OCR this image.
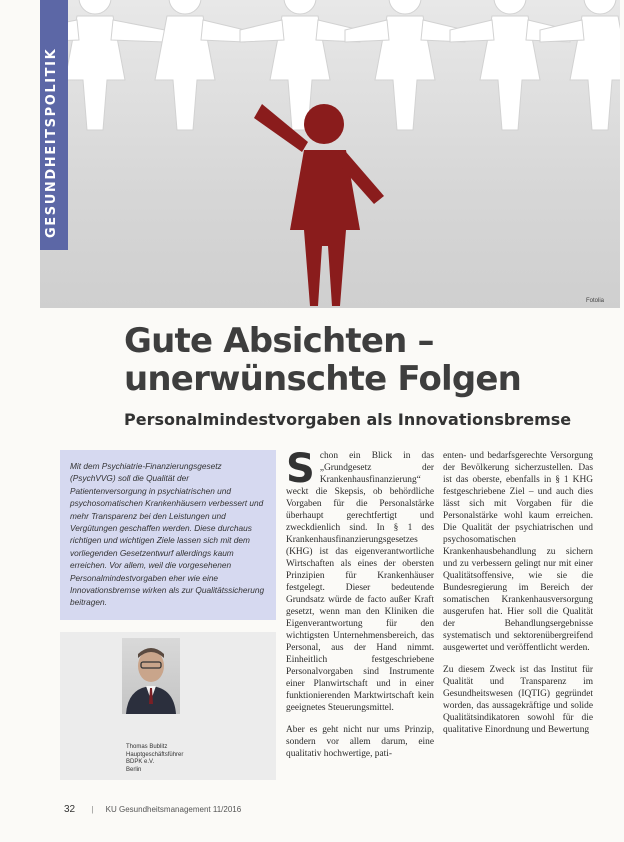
Fotolia
GESUNDHEITSPOLITIK
Gute Absichten –
unerwünschte Folgen
Personalmindestvorgaben als Innovationsbremse

Mit dem Psychiatrie-Finanzierungsgesetz (PsychVVG) soll die Qualität der Patientenversorgung in psychiatrischen und psychosomatischen Krankenhäusern verbessert und mehr Transparenz bei den Leistungen und Vergütungen geschaffen werden. Diese durchaus richtigen und wichtigen Ziele lassen sich mit dem vorliegenden Gesetzentwurf allerdings kaum erreichen. Vor allem, weil die vorgesehenen Personalmindestvorgaben eher wie eine Innovationsbremse wirken als zur Qualitätssicherung beitragen.

Thomas Bublitz
Hauptgeschäftsführer
BDPK e.V.
Berlin

Schon ein Blick in das „Grundgesetz der Krankenhausfinanzierung“ weckt die Skepsis, ob behördliche Vorgaben für die Personalstärke überhaupt gerechtfertigt und zweckdienlich sind. In § 1 des Krankenhausfinanzierungsgesetzes (KHG) ist das eigenverantwortliche Wirtschaften als eines der obersten Prinzipien für Krankenhäuser festgelegt. Dieser bedeutende Grundsatz würde de facto außer Kraft gesetzt, wenn man den Kliniken die Eigenverantwortung für den wichtigsten Unternehmensbereich, das Personal, aus der Hand nimmt. Einheitlich festgeschriebene Personalvorgaben sind Instrumente einer Planwirtschaft und in einer funktionierenden Marktwirtschaft kein geeignetes Steuerungsmittel.

Aber es geht nicht nur ums Prinzip, sondern vor allem darum, eine qualitativ hochwertige, pati-

enten- und bedarfsgerechte Versorgung der Bevölkerung sicherzustellen. Das ist das oberste, ebenfalls in § 1 KHG festgeschriebene Ziel – und auch dies lässt sich mit Vorgaben für die Personalstärke wohl kaum erreichen. Die Qualität der psychiatrischen und psychosomatischen Krankenhausbehandlung zu sichern und zu verbessern gelingt nur mit einer Qualitätsoffensive, wie sie die Bundesregierung im Bereich der somatischen Krankenhausversorgung ausgerufen hat. Hier soll die Qualität der Behandlungsergebnisse systematisch und sektorenübergreifend ausgewertet und veröffentlicht werden.

Zu diesem Zweck ist das Institut für Qualität und Transparenz im Gesundheitswesen (IQTIG) gegründet worden, das aussagekräftige und solide Qualitätsindikatoren sowohl für die qualitative Einordnung und Bewertung

32 | KU Gesundheitsmanagement 11/2016
